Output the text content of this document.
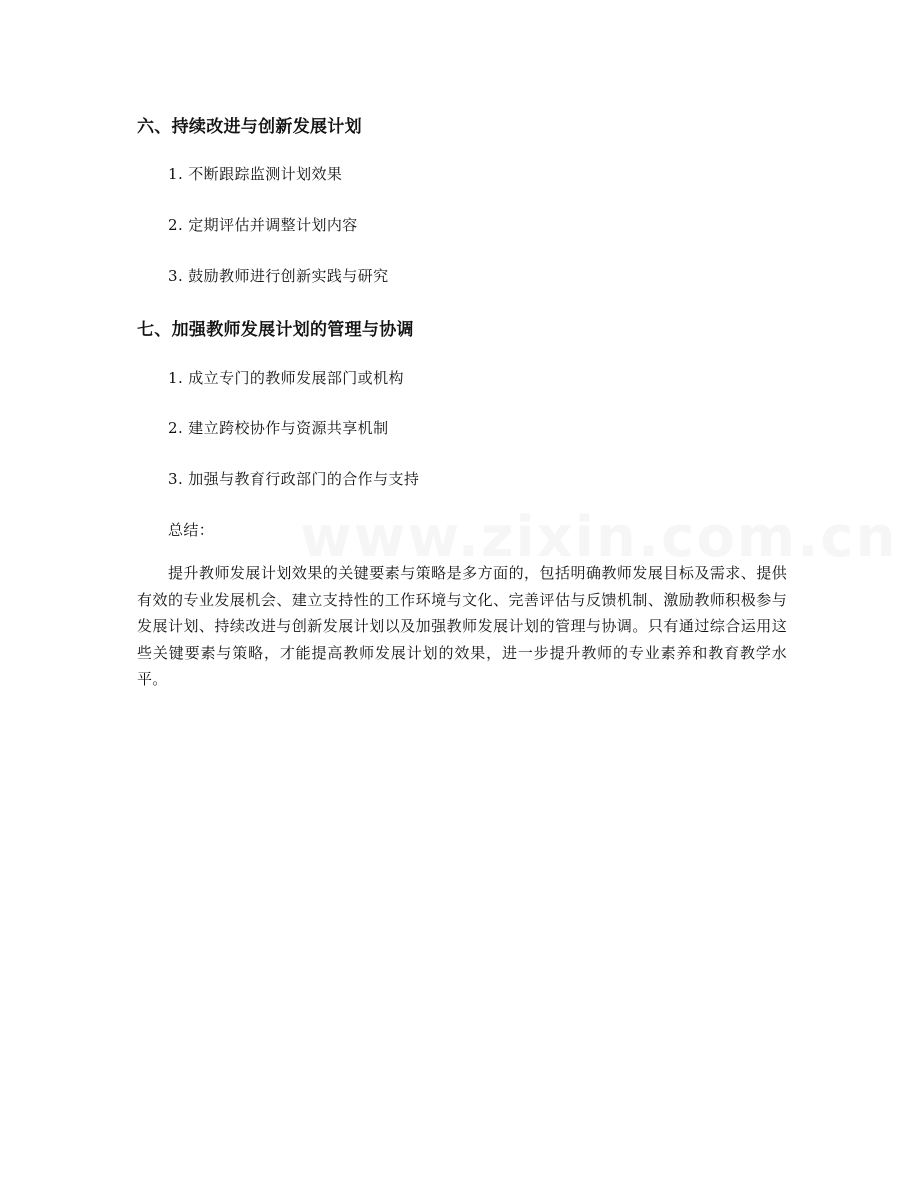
六、持续改进与创新发展计划
1. 不断跟踪监测计划效果
2. 定期评估并调整计划内容
3. 鼓励教师进行创新实践与研究
七、加强教师发展计划的管理与协调
1. 成立专门的教师发展部门或机构
2. 建立跨校协作与资源共享机制
3. 加强与教育行政部门的合作与支持
总结：
提升教师发展计划效果的关键要素与策略是多方面的，包括明确教师发展目标及需求、提供有效的专业发展机会、建立支持性的工作环境与文化、完善评估与反馈机制、激励教师积极参与发展计划、持续改进与创新发展计划以及加强教师发展计划的管理与协调。只有通过综合运用这些关键要素与策略，才能提高教师发展计划的效果，进一步提升教师的专业素养和教育教学水平。
